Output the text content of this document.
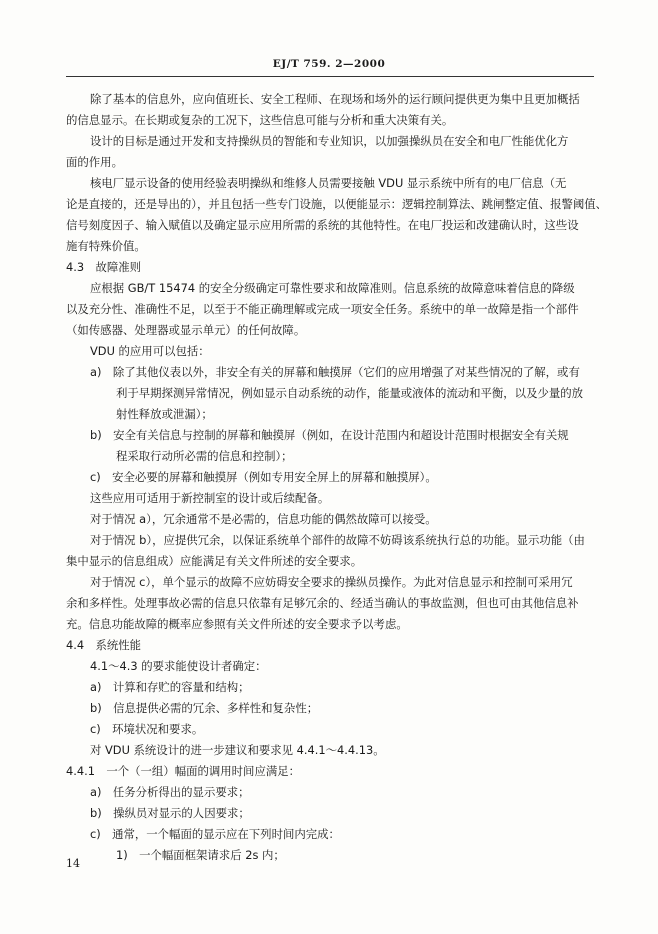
EJ/T 759. 2—2000
除了基本的信息外，应向值班长、安全工程师、在现场和场外的运行顾问提供更为集中且更加概括
的信息显示。在长期或复杂的工况下，这些信息可能与分析和重大决策有关。
设计的目标是通过开发和支持操纵员的智能和专业知识，以加强操纵员在安全和电厂性能优化方
面的作用。
核电厂显示设备的使用经验表明操纵和维修人员需要接触 VDU 显示系统中所有的电厂信息（无
论是直接的，还是导出的），并且包括一些专门设施，以便能显示：逻辑控制算法、跳闸整定值、报警阈值、
信号刻度因子、输入赋值以及确定显示应用所需的系统的其他特性。在电厂投运和改建确认时，这些设
施有特殊价值。
4.3　故障准则
应根据 GB/T 15474 的安全分级确定可靠性要求和故障准则。信息系统的故障意味着信息的降级
以及充分性、准确性不足，以至于不能正确理解或完成一项安全任务。系统中的单一故障是指一个部件
（如传感器、处理器或显示单元）的任何故障。
VDU 的应用可以包括：
a)　除了其他仪表以外，非安全有关的屏幕和触摸屏（它们的应用增强了对某些情况的了解，或有
利于早期探测异常情况，例如显示自动系统的动作，能量或液体的流动和平衡，以及少量的放
射性释放或泄漏）；
b)　安全有关信息与控制的屏幕和触摸屏（例如，在设计范围内和超设计范围时根据安全有关规
程采取行动所必需的信息和控制）；
c)　安全必要的屏幕和触摸屏（例如专用安全屏上的屏幕和触摸屏）。
这些应用可适用于新控制室的设计或后续配备。
对于情况 a），冗余通常不是必需的，信息功能的偶然故障可以接受。
对于情况 b），应提供冗余，以保证系统单个部件的故障不妨碍该系统执行总的功能。显示功能（由
集中显示的信息组成）应能满足有关文件所述的安全要求。
对于情况 c），单个显示的故障不应妨碍安全要求的操纵员操作。为此对信息显示和控制可采用冗
余和多样性。处理事故必需的信息只依靠有足够冗余的、经适当确认的事故监测，但也可由其他信息补
充。信息功能故障的概率应参照有关文件所述的安全要求予以考虑。
4.4　系统性能
4.1～4.3 的要求能使设计者确定：
a)　计算和存贮的容量和结构；
b)　信息提供必需的冗余、多样性和复杂性；
c)　环境状况和要求。
对 VDU 系统设计的进一步建议和要求见 4.4.1～4.4.13。
4.4.1　一个（一组）幅面的调用时间应满足：
a)　任务分析得出的显示要求；
b)　操纵员对显示的人因要求；
c)　通常，一个幅面的显示应在下列时间内完成：
1)　一个幅面框架请求后 2s 内；
14
